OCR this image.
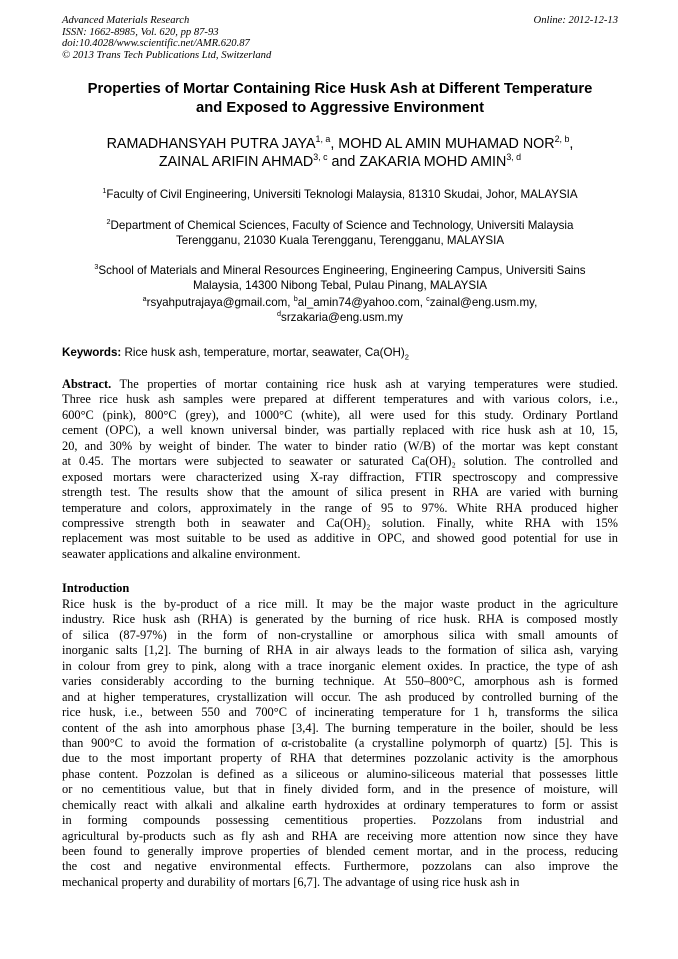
Advanced Materials Research
ISSN: 1662-8985, Vol. 620, pp 87-93
doi:10.4028/www.scientific.net/AMR.620.87
© 2013 Trans Tech Publications Ltd, Switzerland
Online: 2012-12-13
Properties of Mortar Containing Rice Husk Ash at Different Temperature
and Exposed to Aggressive Environment
RAMADHANSYAH PUTRA JAYA$^{1, a}$, MOHD AL AMIN MUHAMAD NOR$^{2, b}$,
ZAINAL ARIFIN AHMAD$^{3, c}$ and ZAKARIA MOHD AMIN$^{3, d}$
$^1$Faculty of Civil Engineering, Universiti Teknologi Malaysia, 81310 Skudai, Johor, MALAYSIA
$^2$Department of Chemical Sciences, Faculty of Science and Technology, Universiti Malaysia
Terengganu, 21030 Kuala Terengganu, Terengganu, MALAYSIA
$^3$School of Materials and Mineral Resources Engineering, Engineering Campus, Universiti Sains
Malaysia, 14300 Nibong Tebal, Pulau Pinang, MALAYSIA
$^a$rsyahputrajaya@gmail.com, $^b$al_amin74@yahoo.com, $^c$zainal@eng.usm.my,
$^d$srzakaria@eng.usm.my
Keywords: Rice husk ash, temperature, mortar, seawater, $Ca(OH)_2$
Abstract. The properties of mortar containing rice husk ash at varying temperatures were studied.
Three rice husk ash samples were prepared at different temperatures and with various colors, i.e.,
600°C (pink), 800°C (grey), and 1000°C (white), all were used for this study. Ordinary Portland
cement (OPC), a well known universal binder, was partially replaced with rice husk ash at 10, 15,
20, and 30% by weight of binder. The water to binder ratio (W/B) of the mortar was kept constant
at 0.45. The mortars were subjected to seawater or saturated Ca(OH)₂ solution. The controlled and
exposed mortars were characterized using X-ray diffraction, FTIR spectroscopy and compressive
strength test. The results show that the amount of silica present in RHA are varied with burning
temperature and colors, approximately in the range of 95 to 97%. White RHA produced higher
compressive strength both in seawater and Ca(OH)₂ solution. Finally, white RHA with 15%
replacement was most suitable to be used as additive in OPC, and showed good potential for use in
seawater applications and alkaline environment.
Introduction
Rice husk is the by-product of a rice mill. It may be the major waste product in the agriculture
industry. Rice husk ash (RHA) is generated by the burning of rice husk. RHA is composed mostly
of silica (87-97%) in the form of non-crystalline or amorphous silica with small amounts of
inorganic salts [1,2]. The burning of RHA in air always leads to the formation of silica ash, varying
in colour from grey to pink, along with a trace inorganic element oxides. In practice, the type of ash
varies considerably according to the burning technique. At 550–800°C, amorphous ash is formed
and at higher temperatures, crystallization will occur. The ash produced by controlled burning of the
rice husk, i.e., between 550 and 700°C of incinerating temperature for 1 h, transforms the silica
content of the ash into amorphous phase [3,4]. The burning temperature in the boiler, should be less
than 900°C to avoid the formation of α-cristobalite (a crystalline polymorph of quartz) [5]. This is
due to the most important property of RHA that determines pozzolanic activity is the amorphous
phase content. Pozzolan is defined as a siliceous or alumino-siliceous material that possesses little
or no cementitious value, but that in finely divided form, and in the presence of moisture, will
chemically react with alkali and alkaline earth hydroxides at ordinary temperatures to form or assist
in forming compounds possessing cementitious properties. Pozzolans from industrial and
agricultural by-products such as fly ash and RHA are receiving more attention now since they have
been found to generally improve properties of blended cement mortar, and in the process, reducing
the cost and negative environmental effects. Furthermore, pozzolans can also improve the
mechanical property and durability of mortars [6,7]. The advantage of using rice husk ash in
